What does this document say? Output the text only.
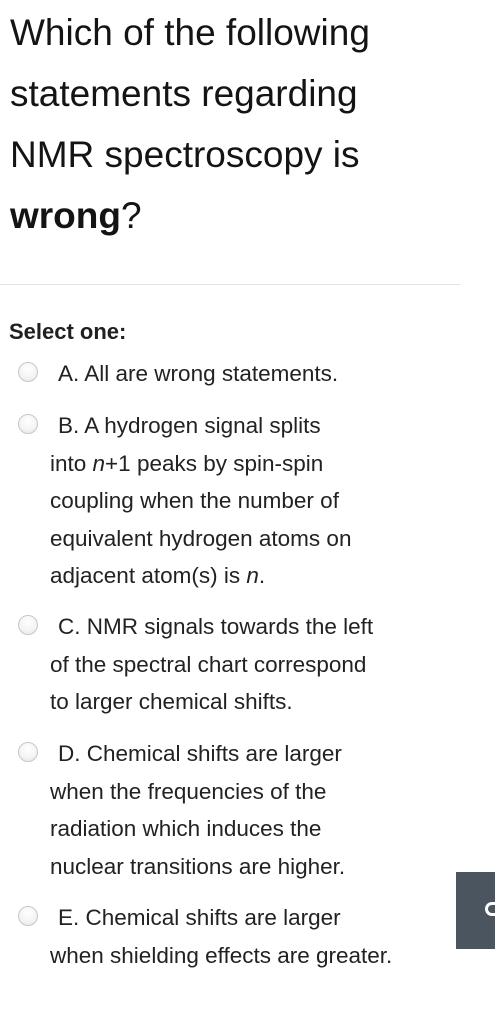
Which of the following statements regarding NMR spectroscopy is wrong?
Select one:
A. All are wrong statements.
B. A hydrogen signal splits
into n+1 peaks by spin-spin
coupling when the number of
equivalent hydrogen atoms on
adjacent atom(s) is n.
C. NMR signals towards the left
of the spectral chart correspond
to larger chemical shifts.
D. Chemical shifts are larger
when the frequencies of the
radiation which induces the
nuclear transitions are higher.
E. Chemical shifts are larger
when shielding effects are greater.
